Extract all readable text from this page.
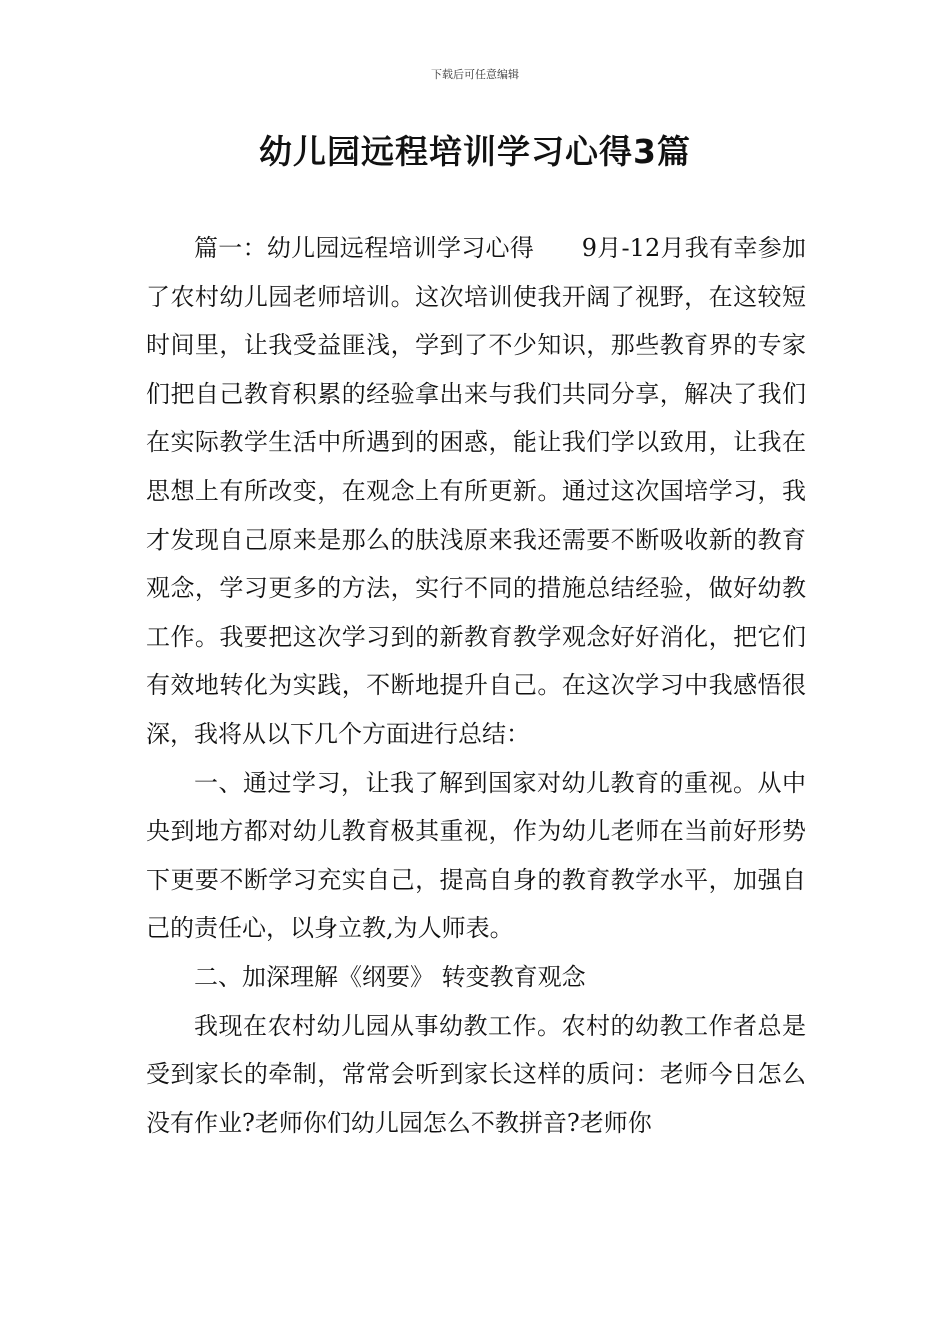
下载后可任意编辑
幼儿园远程培训学习心得3篇

篇一：幼儿园远程培训学习心得      9月-12月我有幸参加了农村幼儿园老师培训。这次培训使我开阔了视野，在这较短时间里，让我受益匪浅，学到了不少知识，那些教育界的专家们把自己教育积累的经验拿出来与我们共同分享，解决了我们在实际教学生活中所遇到的困惑，能让我们学以致用，让我在思想上有所改变，在观念上有所更新。通过这次国培学习，我才发现自己原来是那么的肤浅原来我还需要不断吸收新的教育观念，学习更多的方法，实行不同的措施总结经验，做好幼教工作。我要把这次学习到的新教育教学观念好好消化，把它们有效地转化为实践，不断地提升自己。在这次学习中我感悟很深，我将从以下几个方面进行总结：

一、通过学习，让我了解到国家对幼儿教育的重视。从中央到地方都对幼儿教育极其重视，作为幼儿老师在当前好形势下更要不断学习充实自己，提高自身的教育教学水平，加强自己的责任心，以身立教,为人师表。

二、加深理解《纲要》 转变教育观念

我现在农村幼儿园从事幼教工作。农村的幼教工作者总是受到家长的牵制，常常会听到家长这样的质问：老师今日怎么没有作业?老师你们幼儿园怎么不教拼音?老师你
